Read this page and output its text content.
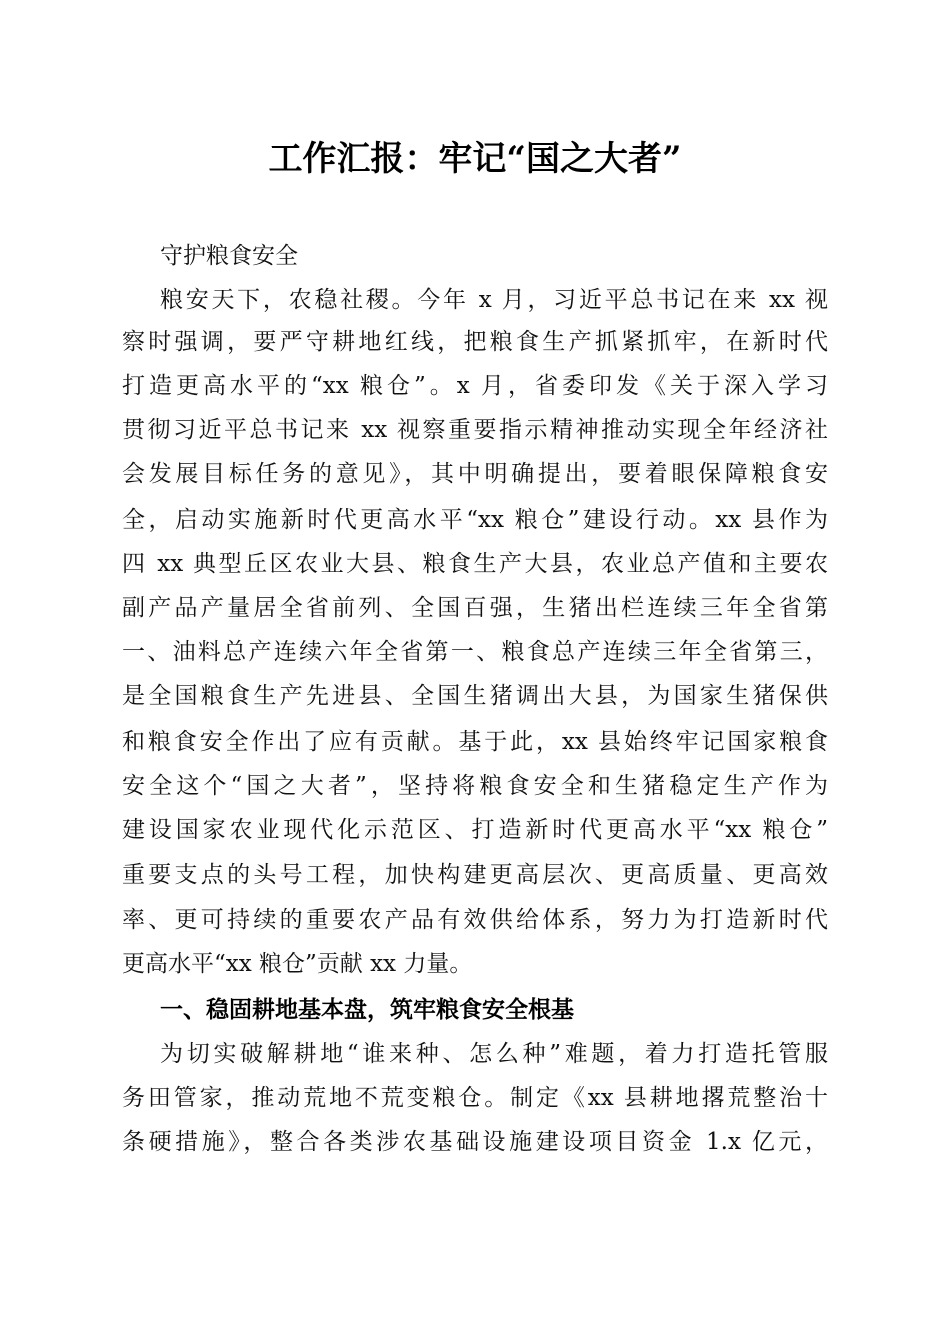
工作汇报：牢记“国之大者”
守护粮食安全
粮安天下，农稳社稷。今年 x 月，习近平总书记在来 xx 视
察时强调，要严守耕地红线，把粮食生产抓紧抓牢，在新时代
打造更高水平的“xx 粮仓”。x 月，省委印发《关于深入学习
贯彻习近平总书记来 xx 视察重要指示精神推动实现全年经济社
会发展目标任务的意见》，其中明确提出，要着眼保障粮食安
全，启动实施新时代更高水平“xx 粮仓”建设行动。xx 县作为
四 xx 典型丘区农业大县、粮食生产大县，农业总产值和主要农
副产品产量居全省前列、全国百强，生猪出栏连续三年全省第
一、油料总产连续六年全省第一、粮食总产连续三年全省第三，
是全国粮食生产先进县、全国生猪调出大县，为国家生猪保供
和粮食安全作出了应有贡献。基于此，xx 县始终牢记国家粮食
安全这个“国之大者”，坚持将粮食安全和生猪稳定生产作为
建设国家农业现代化示范区、打造新时代更高水平“xx 粮仓”
重要支点的头号工程，加快构建更高层次、更高质量、更高效
率、更可持续的重要农产品有效供给体系，努力为打造新时代
更高水平“xx 粮仓”贡献 xx 力量。
一、稳固耕地基本盘，筑牢粮食安全根基
为切实破解耕地“谁来种、怎么种”难题，着力打造托管服
务田管家，推动荒地不荒变粮仓。制定《xx 县耕地撂荒整治十
条硬措施》，整合各类涉农基础设施建设项目资金 1.x 亿元，
